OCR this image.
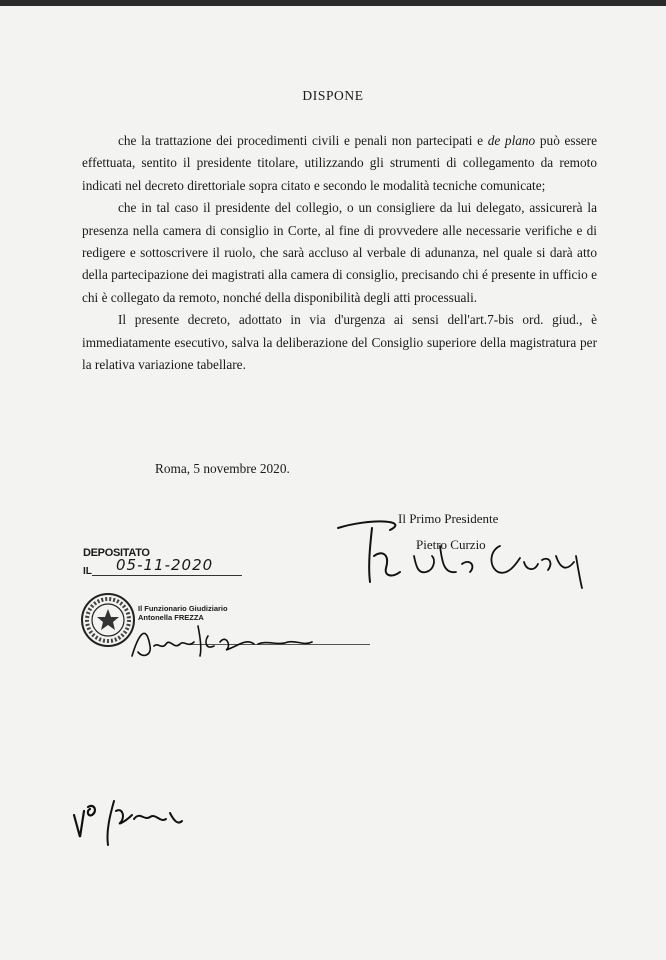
DISPONE

che la trattazione dei procedimenti civili e penali non partecipati e de plano può essere effettuata, sentito il presidente titolare, utilizzando gli strumenti di collegamento da remoto indicati nel decreto direttoriale sopra citato e secondo le modalità tecniche comunicate;

che in tal caso il presidente del collegio, o un consigliere da lui delegato, assicurerà la presenza nella camera di consiglio in Corte, al fine di provvedere alle necessarie verifiche e di redigere e sottoscrivere il ruolo, che sarà accluso al verbale di adunanza, nel quale si darà atto della partecipazione dei magistrati alla camera di consiglio, precisando chi é presente in ufficio e chi è collegato da remoto, nonché della disponibilità degli atti processuali.

Il presente decreto, adottato in via d'urgenza ai sensi dell'art.7-bis ord. giud., è immediatamente esecutivo, salva la deliberazione del Consiglio superiore della magistratura per la relativa variazione tabellare.

Roma, 5 novembre 2020.
Il Primo Presidente
Pietro Curzio
DEPOSITATO
IL 05-11-2020
Il Funzionario Giudiziario
Antonella FREZZA
